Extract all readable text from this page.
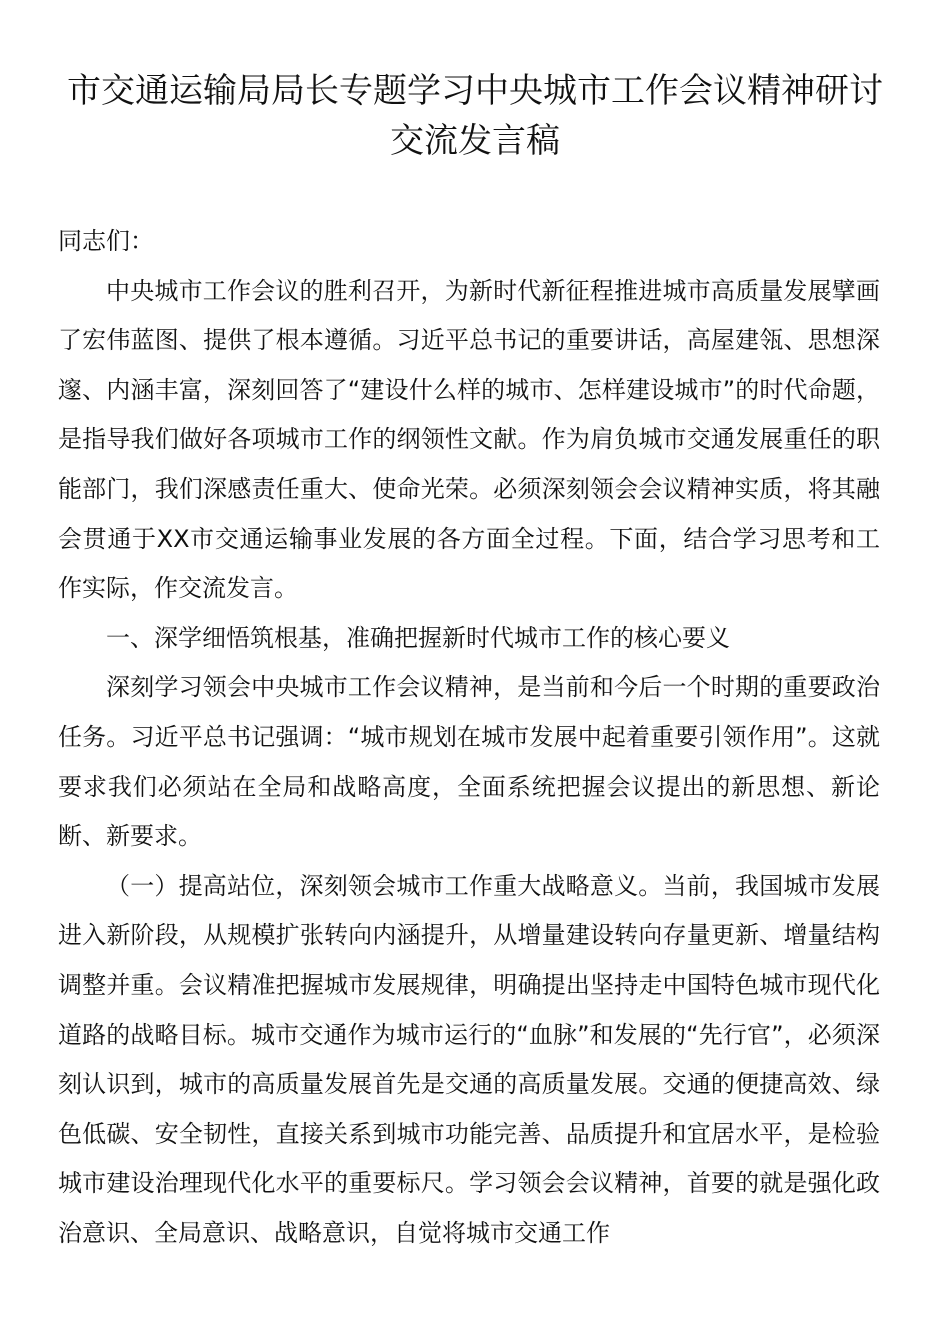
市交通运输局局长专题学习中央城市工作会议精神研讨交流发言稿

同志们：

中央城市工作会议的胜利召开，为新时代新征程推进城市高质量发展擘画了宏伟蓝图、提供了根本遵循。习近平总书记的重要讲话，高屋建瓴、思想深邃、内涵丰富，深刻回答了“建设什么样的城市、怎样建设城市”的时代命题，是指导我们做好各项城市工作的纲领性文献。作为肩负城市交通发展重任的职能部门，我们深感责任重大、使命光荣。必须深刻领会会议精神实质，将其融会贯通于XX市交通运输事业发展的各方面全过程。下面，结合学习思考和工作实际，作交流发言。

一、深学细悟筑根基，准确把握新时代城市工作的核心要义

深刻学习领会中央城市工作会议精神，是当前和今后一个时期的重要政治任务。习近平总书记强调：“城市规划在城市发展中起着重要引领作用”。这就要求我们必须站在全局和战略高度，全面系统把握会议提出的新思想、新论断、新要求。

（一）提高站位，深刻领会城市工作重大战略意义。当前，我国城市发展进入新阶段，从规模扩张转向内涵提升，从增量建设转向存量更新、增量结构调整并重。会议精准把握城市发展规律，明确提出坚持走中国特色城市现代化道路的战略目标。城市交通作为城市运行的“血脉”和发展的“先行官”，必须深刻认识到，城市的高质量发展首先是交通的高质量发展。交通的便捷高效、绿色低碳、安全韧性，直接关系到城市功能完善、品质提升和宜居水平，是检验城市建设治理现代化水平的重要标尺。学习领会会议精神，首要的就是强化政治意识、全局意识、战略意识，自觉将城市交通工作
